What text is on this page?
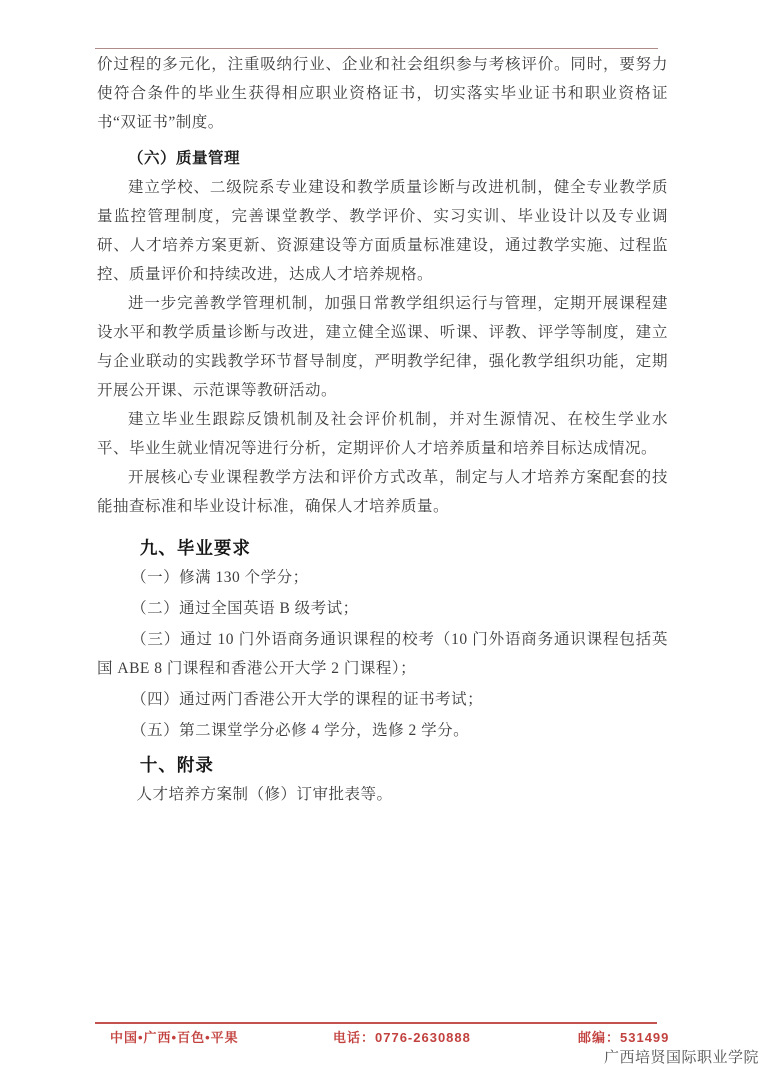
价过程的多元化，注重吸纳行业、企业和社会组织参与考核评价。同时，要努力使符合条件的毕业生获得相应职业资格证书，切实落实毕业证书和职业资格证书“双证书”制度。

（六）质量管理

建立学校、二级院系专业建设和教学质量诊断与改进机制，健全专业教学质量监控管理制度，完善课堂教学、教学评价、实习实训、毕业设计以及专业调研、人才培养方案更新、资源建设等方面质量标准建设，通过教学实施、过程监控、质量评价和持续改进，达成人才培养规格。

进一步完善教学管理机制，加强日常教学组织运行与管理，定期开展课程建设水平和教学质量诊断与改进，建立健全巡课、听课、评教、评学等制度，建立与企业联动的实践教学环节督导制度，严明教学纪律，强化教学组织功能，定期开展公开课、示范课等教研活动。

建立毕业生跟踪反馈机制及社会评价机制，并对生源情况、在校生学业水平、毕业生就业情况等进行分析，定期评价人才培养质量和培养目标达成情况。

开展核心专业课程教学方法和评价方式改革，制定与人才培养方案配套的技能抽查标准和毕业设计标准，确保人才培养质量。

九、毕业要求

（一）修满 130 个学分；

（二）通过全国英语 B 级考试；

（三）通过 10 门外语商务通识课程的校考（10 门外语商务通识课程包括英国 ABE 8 门课程和香港公开大学 2 门课程）；

（四）通过两门香港公开大学的课程的证书考试；

（五）第二课堂学分必修 4 学分，选修 2 学分。

十、附录

人才培养方案制（修）订审批表等。

中国•广西•百色•平果	电话：0776-2630888	邮编：531499
广西培贤国际职业学院
